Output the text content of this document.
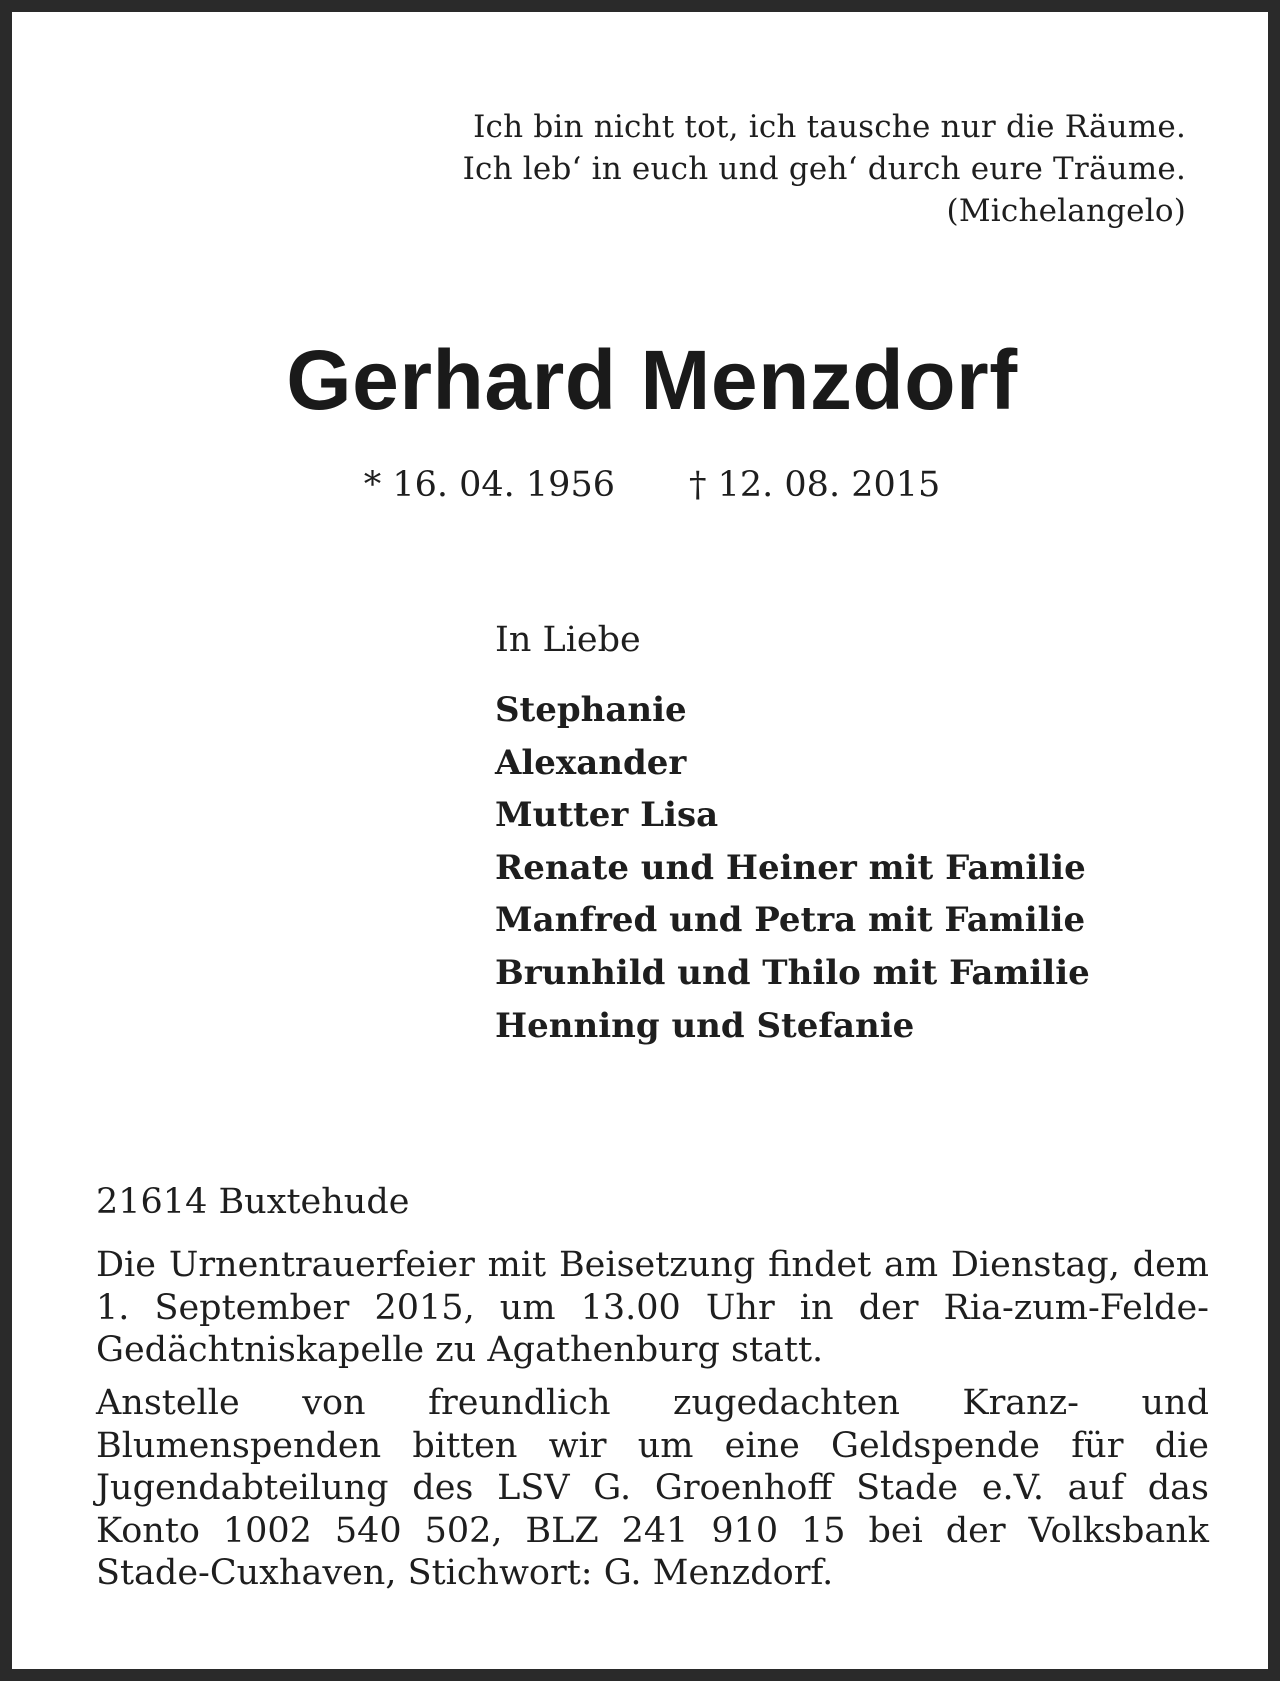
Ich bin nicht tot, ich tausche nur die Räume.
Ich leb‘ in euch und geh‘ durch eure Träume.
(Michelangelo)
Gerhard Menzdorf
* 16. 04. 1956 † 12. 08. 2015
In Liebe
Stephanie
Alexander
Mutter Lisa
Renate und Heiner mit Familie
Manfred und Petra mit Familie
Brunhild und Thilo mit Familie
Henning und Stefanie
21614 Buxtehude
Die Urnentrauerfeier mit Beisetzung findet am Dienstag, dem 1. September 2015, um 13.00 Uhr in der Ria-zum-Felde-Gedächtniskapelle zu Agathenburg statt.
Anstelle von freundlich zugedachten Kranz- und Blumenspenden bitten wir um eine Geldspende für die Jugendabteilung des LSV G. Groenhoff Stade e.V. auf das Konto 1002 540 502, BLZ 241 910 15 bei der Volksbank Stade-Cuxhaven, Stichwort: G. Menzdorf.
